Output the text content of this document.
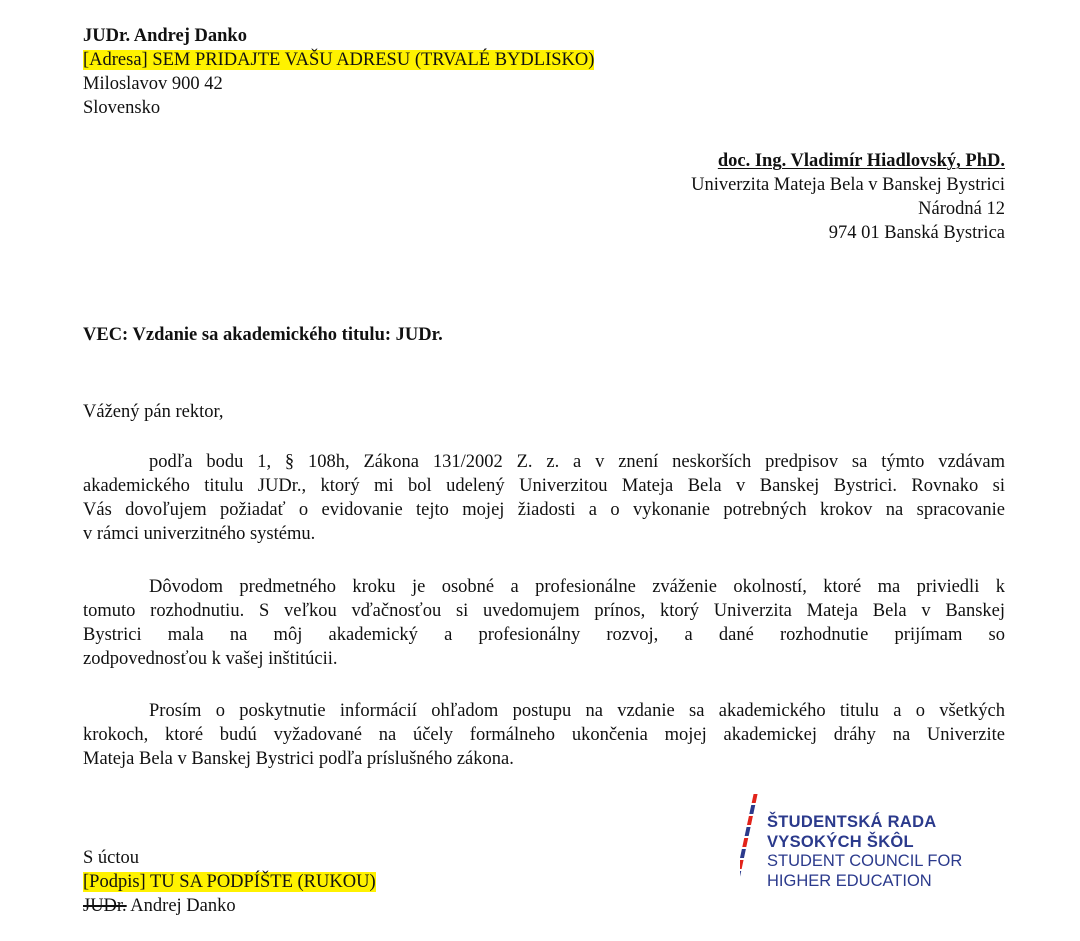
JUDr. Andrej Danko
[Adresa] SEM PRIDAJTE VAŠU ADRESU (TRVALÉ BYDLISKO)
Miloslavov 900 42
Slovensko
doc. Ing. Vladimír Hiadlovský, PhD.
Univerzita Mateja Bela v Banskej Bystrici
Národná 12
974 01 Banská Bystrica
VEC: Vzdanie sa akademického titulu: JUDr.
Vážený pán rektor,
podľa bodu 1, § 108h, Zákona 131/2002 Z. z. a v znení neskorších predpisov sa týmto vzdávam
akademického titulu JUDr., ktorý mi bol udelený Univerzitou Mateja Bela v Banskej Bystrici. Rovnako si
Vás dovoľujem požiadať o evidovanie tejto mojej žiadosti a o vykonanie potrebných krokov na spracovanie
v rámci univerzitného systému.
Dôvodom predmetného kroku je osobné a profesionálne zváženie okolností, ktoré ma priviedli k
tomuto rozhodnutiu. S veľkou vďačnosťou si uvedomujem prínos, ktorý Univerzita Mateja Bela v Banskej
Bystrici mala na môj akademický a profesionálny rozvoj, a dané rozhodnutie prijímam so
zodpovednosťou k vašej inštitúcii.
Prosím o poskytnutie informácií ohľadom postupu na vzdanie sa akademického titulu a o všetkých
krokoch, ktoré budú vyžadované na účely formálneho ukončenia mojej akademickej dráhy na Univerzite
Mateja Bela v Banskej Bystrici podľa príslušného zákona.
S úctou
[Podpis] TU SA PODPÍŠTE (RUKOU)
JUDr. Andrej Danko
ŠTUDENTSKÁ RADA
VYSOKÝCH ŠKÔL
STUDENT COUNCIL FOR
HIGHER EDUCATION
